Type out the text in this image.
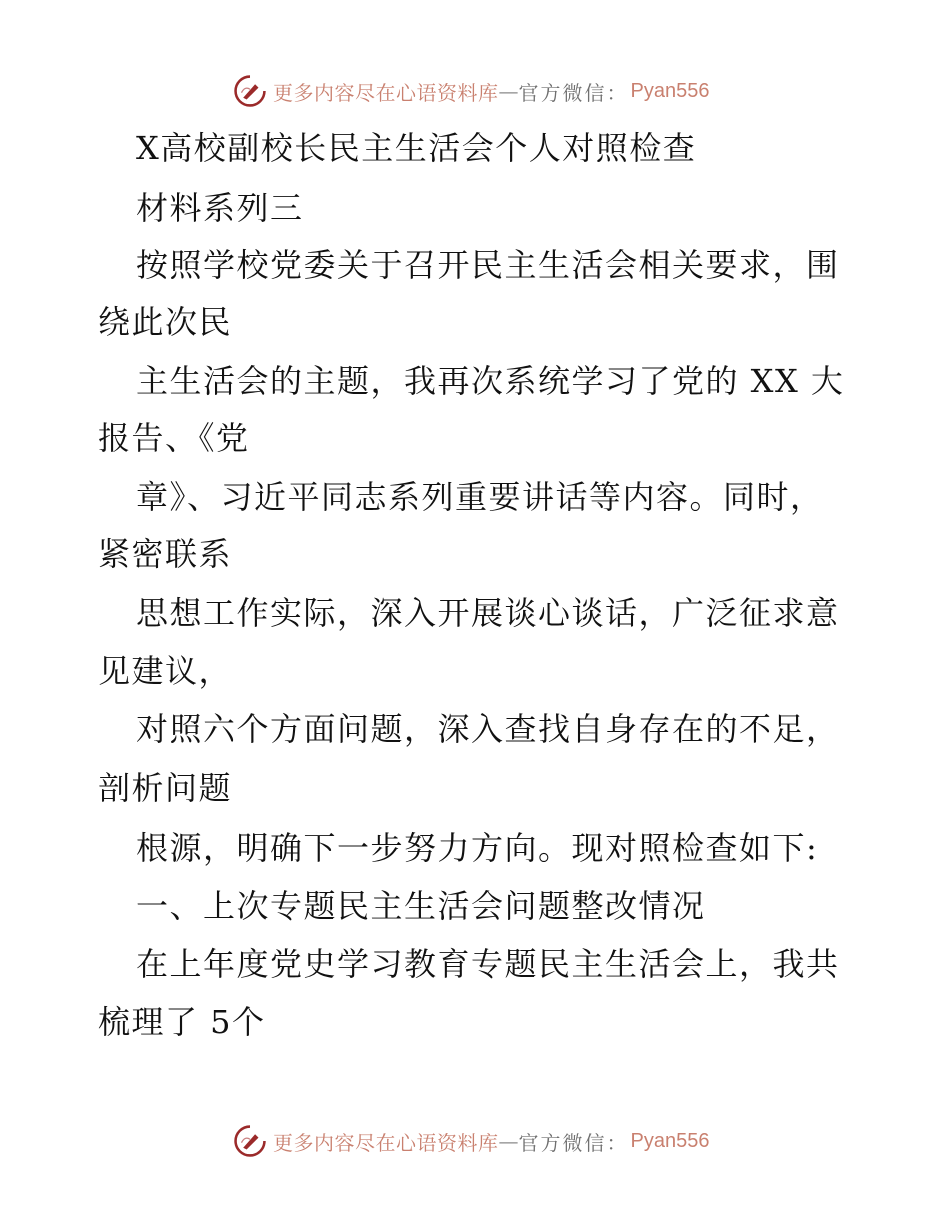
更多内容尽在心语资料库 — 官方微信： Pyan556
X高校副校长民主生活会个人对照检查
材料系列三
按照学校党委关于召开民主生活会相关要求，围
绕此次民
主生活会的主题，我再次系统学习了党的 XX 大
报告、《党
章》、习近平同志系列重要讲话等内容。同时，
紧密联系
思想工作实际，深入开展谈心谈话，广泛征求意
见建议，
对照六个方面问题，深入查找自身存在的不足，
剖析问题
根源，明确下一步努力方向。现对照检查如下:
一、上次专题民主生活会问题整改情况
在上年度党史学习教育专题民主生活会上，我共
梳理了 5个
更多内容尽在心语资料库 — 官方微信： Pyan556
